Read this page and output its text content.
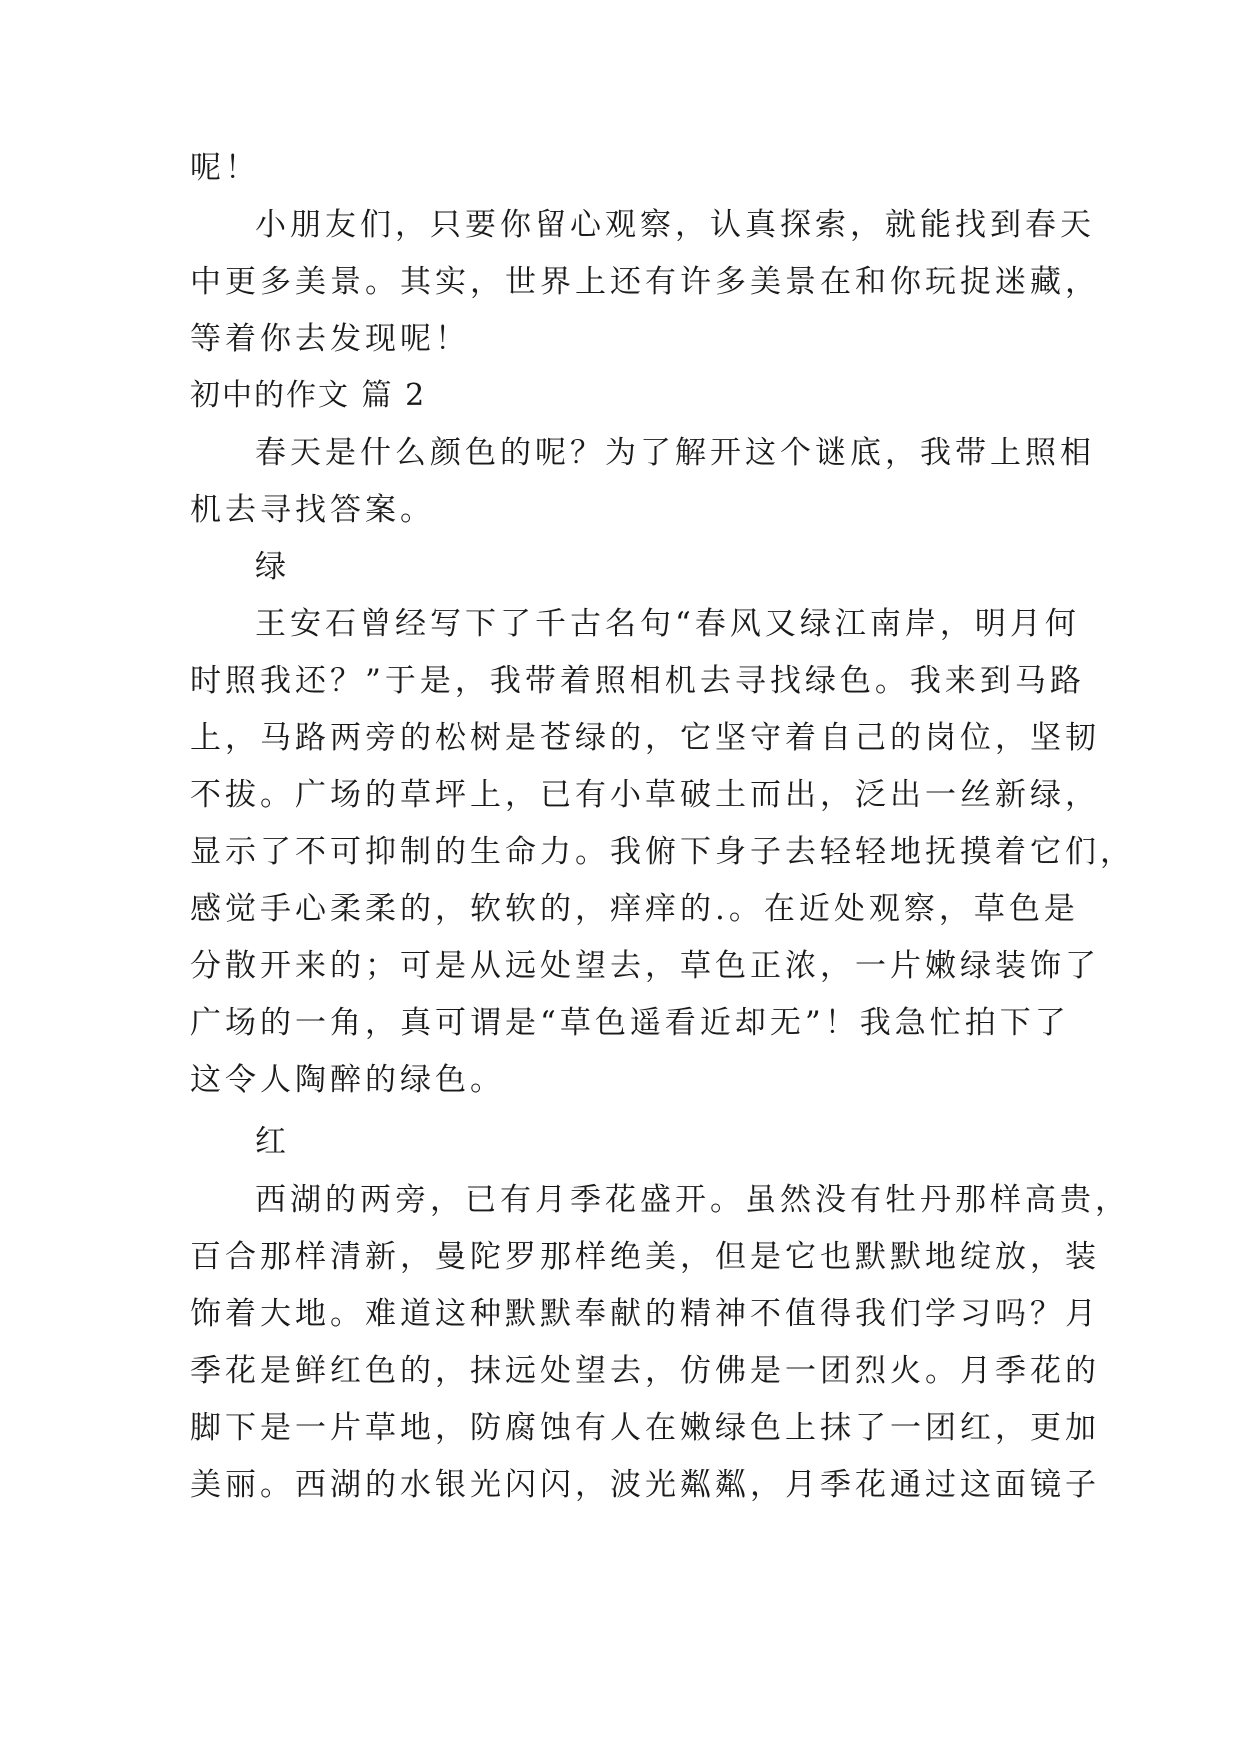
呢！
小朋友们，只要你留心观察，认真探索，就能找到春天
中更多美景。其实，世界上还有许多美景在和你玩捉迷藏，
等着你去发现呢！
初中的作文 篇 2
春天是什么颜色的呢？为了解开这个谜底，我带上照相
机去寻找答案。
绿
王安石曾经写下了千古名句“春风又绿江南岸，明月何
时照我还？”于是，我带着照相机去寻找绿色。我来到马路
上，马路两旁的松树是苍绿的，它坚守着自己的岗位，坚韧
不拔。广场的草坪上，已有小草破土而出，泛出一丝新绿，
显示了不可抑制的生命力。我俯下身子去轻轻地抚摸着它们，
感觉手心柔柔的，软软的，痒痒的.。在近处观察，草色是
分散开来的；可是从远处望去，草色正浓，一片嫩绿装饰了
广场的一角，真可谓是“草色遥看近却无”！我急忙拍下了
这令人陶醉的绿色。
红
西湖的两旁，已有月季花盛开。虽然没有牡丹那样高贵，
百合那样清新，曼陀罗那样绝美，但是它也默默地绽放，装
饰着大地。难道这种默默奉献的精神不值得我们学习吗？月
季花是鲜红色的，抹远处望去，仿佛是一团烈火。月季花的
脚下是一片草地，防腐蚀有人在嫩绿色上抹了一团红，更加
美丽。西湖的水银光闪闪，波光粼粼，月季花通过这面镜子
